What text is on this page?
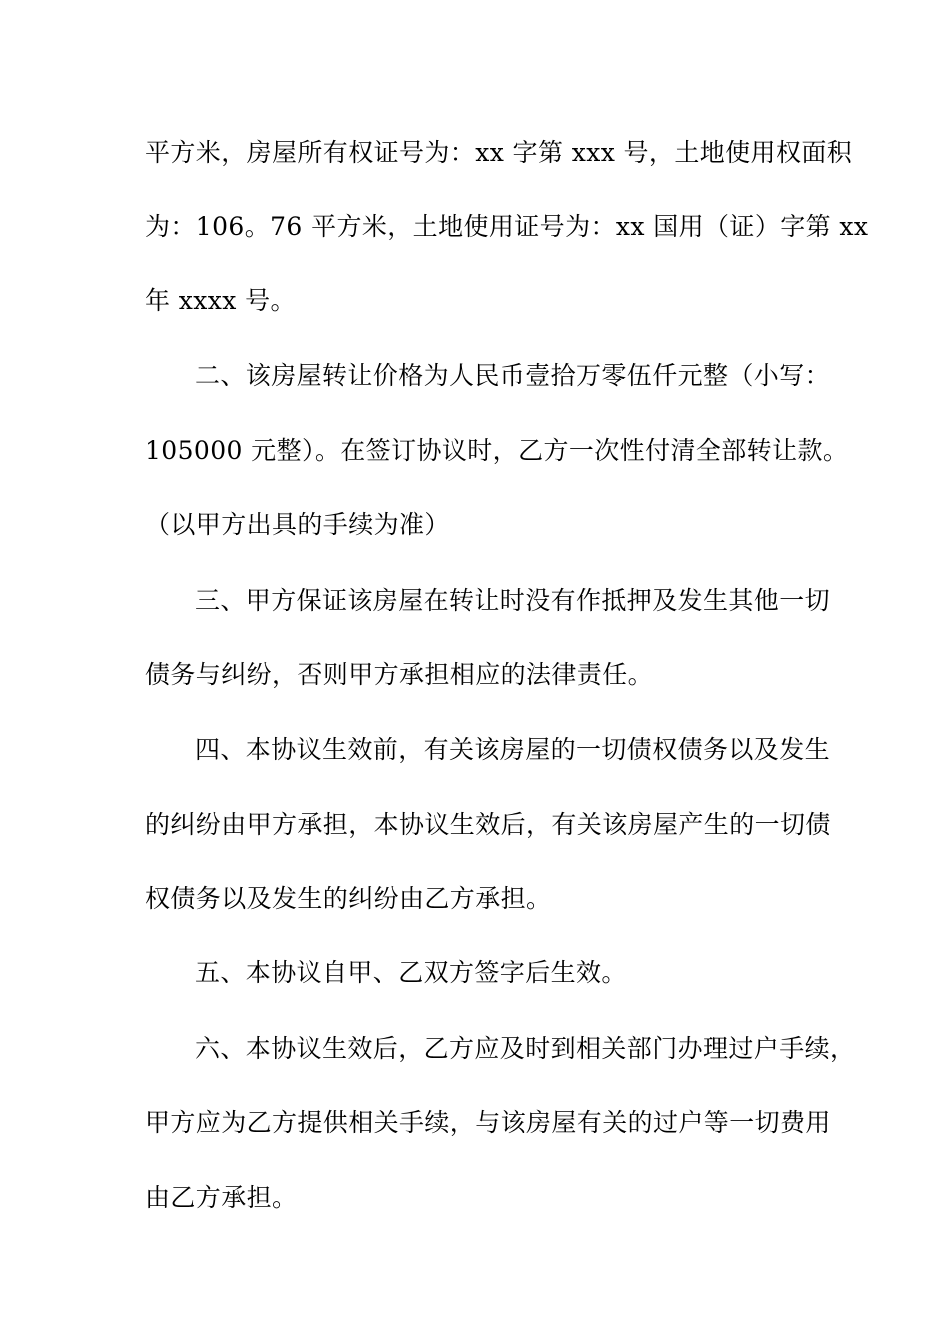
平方米，房屋所有权证号为：xx 字第 xxx 号，土地使用权面积
为：106。76 平方米，土地使用证号为：xx 国用（证）字第 xx
年 xxxx 号。
二、该房屋转让价格为人民币壹拾万零伍仟元整（小写：
105000 元整）。在签订协议时，乙方一次性付清全部转让款。
（以甲方出具的手续为准）
三、甲方保证该房屋在转让时没有作抵押及发生其他一切
债务与纠纷，否则甲方承担相应的法律责任。
四、本协议生效前，有关该房屋的一切债权债务以及发生
的纠纷由甲方承担，本协议生效后，有关该房屋产生的一切债
权债务以及发生的纠纷由乙方承担。
五、本协议自甲、乙双方签字后生效。
六、本协议生效后，乙方应及时到相关部门办理过户手续，
甲方应为乙方提供相关手续，与该房屋有关的过户等一切费用
由乙方承担。
